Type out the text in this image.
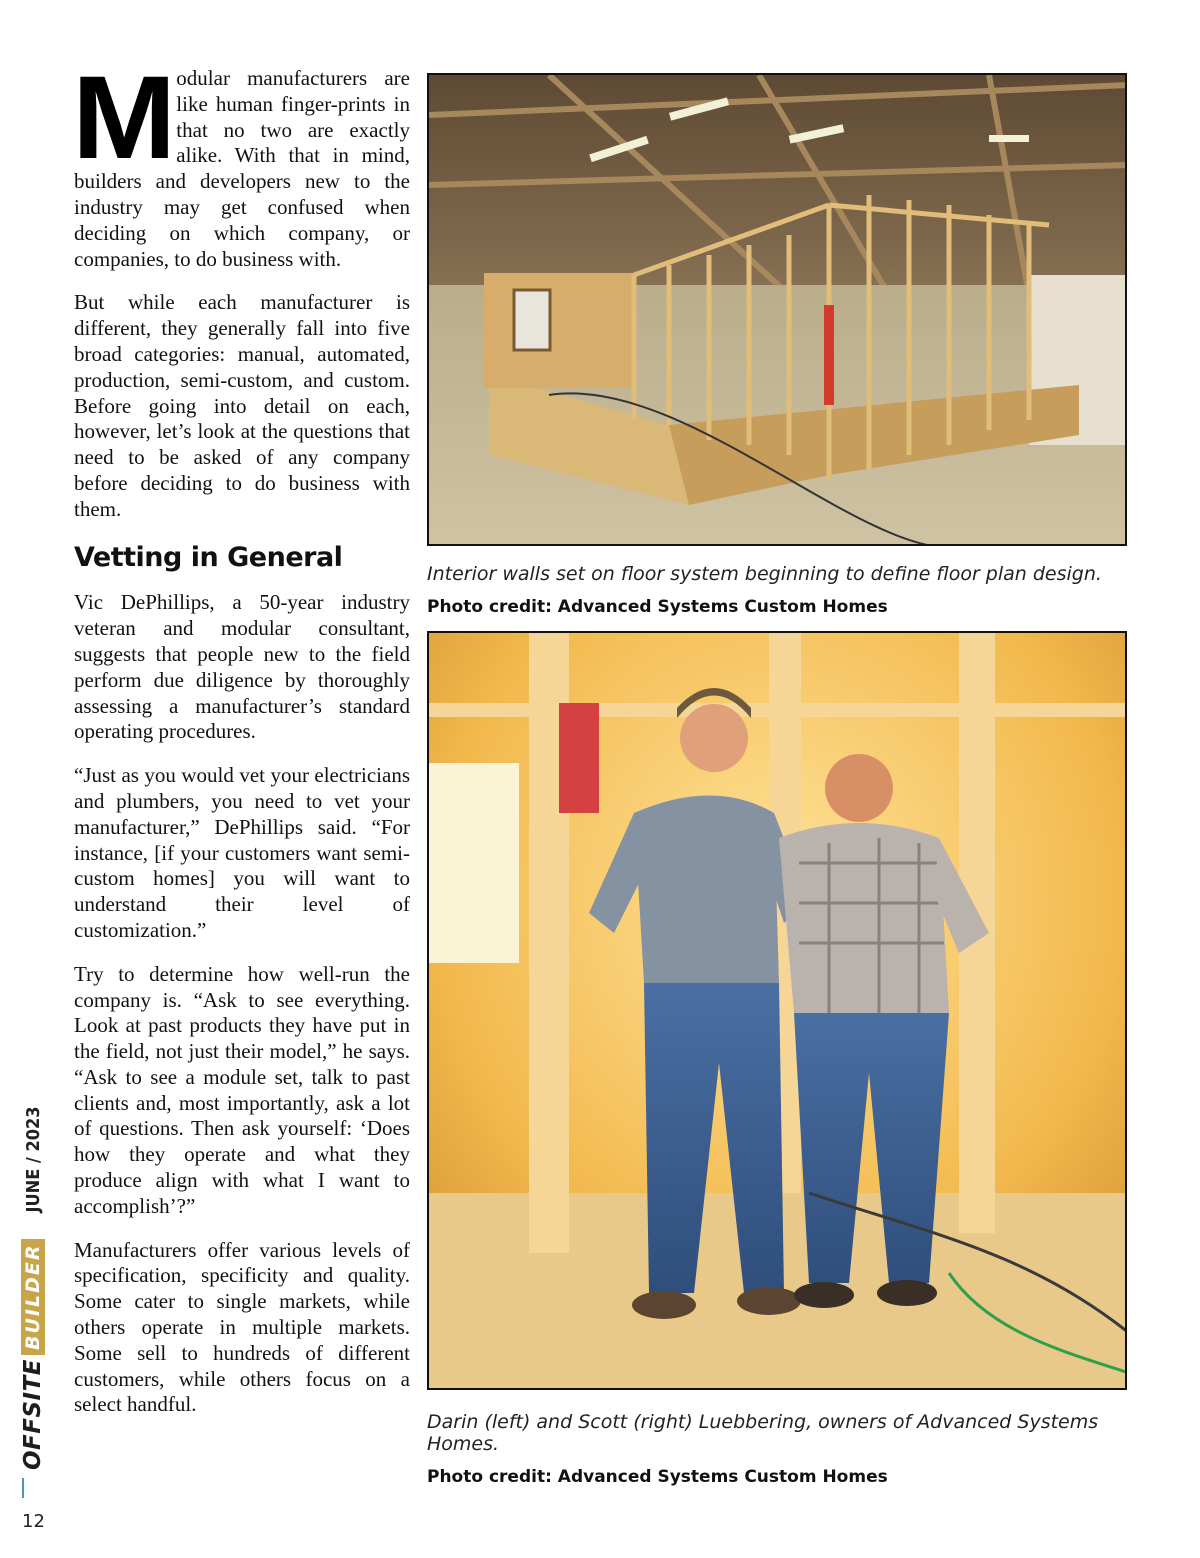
Modular manufacturers are like human finger-prints in that no two are exactly alike. With that in mind, builders and developers new to the industry may get confused when deciding on which company, or companies, to do business with.

But while each manufacturer is different, they generally fall into five broad categories: manual, automated, production, semi-custom, and custom. Before going into detail on each, however, let’s look at the questions that need to be asked of any company before deciding to do business with them.

Vetting in General

Vic DePhillips, a 50-year industry veteran and modular consultant, suggests that people new to the field perform due diligence by thoroughly assessing a manufacturer’s standard operating procedures.

“Just as you would vet your electricians and plumbers, you need to vet your manufacturer,” DePhillips said. “For instance, [if your customers want semi-custom homes] you will want to understand their level of customization.”

Try to determine how well-run the company is. “Ask to see everything. Look at past products they have put in the field, not just their model,” he says. “Ask to see a module set, talk to past clients and, most importantly, ask a lot of questions. Then ask yourself: ‘Does how they operate and what they produce align with what I want to accomplish’?”

Manufacturers offer various levels of specification, specificity and quality. Some cater to single markets, while others operate in multiple markets. Some sell to hundreds of different customers, while others focus on a select handful.

Interior walls set on floor system beginning to define floor plan design.
Photo credit: Advanced Systems Custom Homes
Darin (left) and Scott (right) Luebbering, owners of Advanced Systems Homes.
Photo credit: Advanced Systems Custom Homes
OFFSITE
BUILDER
JUNE / 2023
12
